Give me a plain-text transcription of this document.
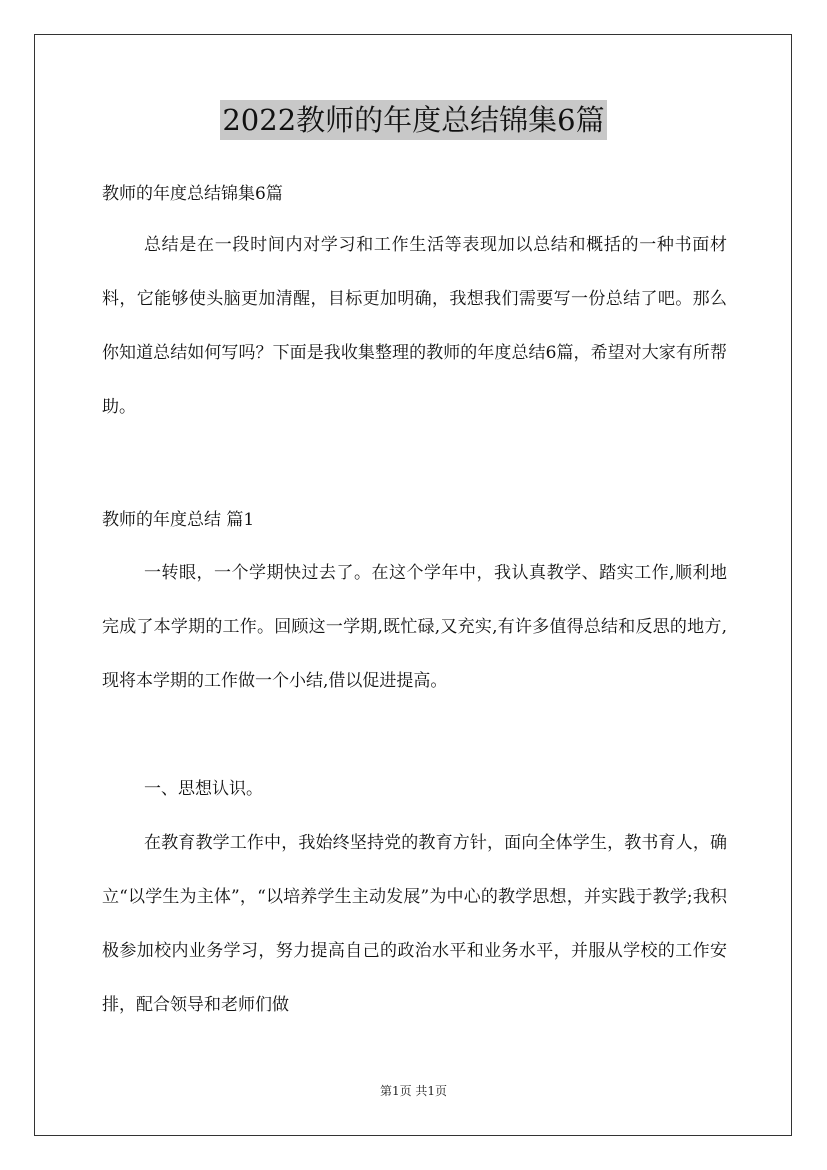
2022教师的年度总结锦集6篇
教师的年度总结锦集6篇

总结是在一段时间内对学习和工作生活等表现加以总结和概括的一种书面材料，它能够使头脑更加清醒，目标更加明确，我想我们需要写一份总结了吧。那么你知道总结如何写吗？下面是我收集整理的教师的年度总结6篇，希望对大家有所帮助。

教师的年度总结 篇1

一转眼，一个学期快过去了。在这个学年中，我认真教学、踏实工作,顺利地完成了本学期的工作。回顾这一学期,既忙碌,又充实,有许多值得总结和反思的地方,现将本学期的工作做一个小结,借以促进提高。

一、思想认识。

在教育教学工作中，我始终坚持党的教育方针，面向全体学生，教书育人，确立“以学生为主体”，“以培养学生主动发展”为中心的教学思想，并实践于教学;我积极参加校内业务学习，努力提高自己的政治水平和业务水平，并服从学校的工作安排，配合领导和老师们做

第1页 共1页
